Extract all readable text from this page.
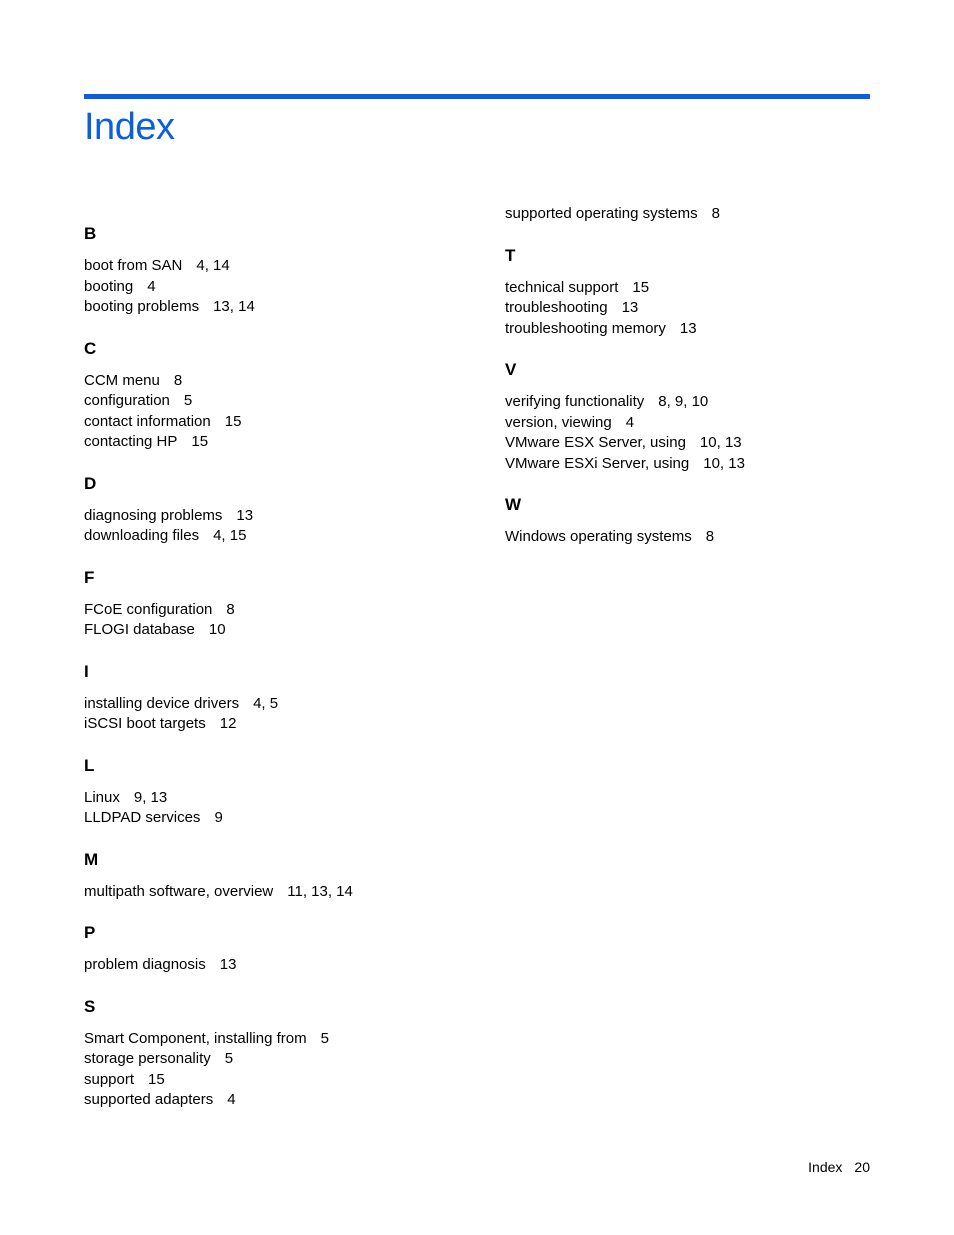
Index
B
boot from SAN 4, 14
booting 4
booting problems 13, 14
C
CCM menu 8
configuration 5
contact information 15
contacting HP 15
D
diagnosing problems 13
downloading files 4, 15
F
FCoE configuration 8
FLOGI database 10
I
installing device drivers 4, 5
iSCSI boot targets 12
L
Linux 9, 13
LLDPAD services 9
M
multipath software, overview 11, 13, 14
P
problem diagnosis 13
S
Smart Component, installing from 5
storage personality 5
support 15
supported adapters 4
supported operating systems 8
T
technical support 15
troubleshooting 13
troubleshooting memory 13
V
verifying functionality 8, 9, 10
version, viewing 4
VMware ESX Server, using 10, 13
VMware ESXi Server, using 10, 13
W
Windows operating systems 8
Index 20
